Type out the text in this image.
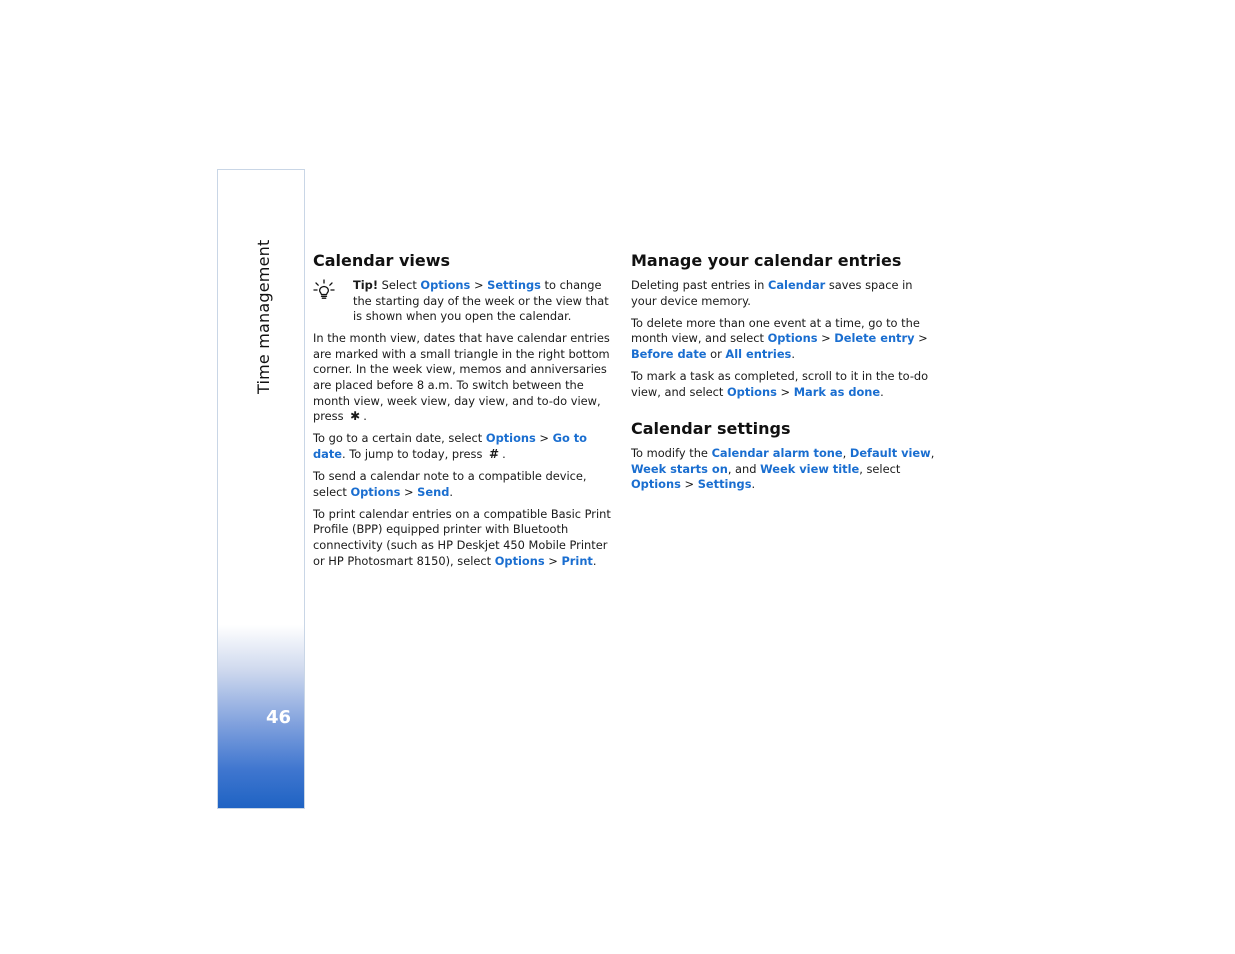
Time management
46
Calendar views
Tip! Select Options > Settings to change the starting day of the week or the view that is shown when you open the calendar.

In the month view, dates that have calendar entries are marked with a small triangle in the right bottom corner. In the week view, memos and anniversaries are placed before 8 a.m. To switch between the month view, week view, day view, and to-do view, press ✱ .

To go to a certain date, select Options > Go to date. To jump to today, press # .

To send a calendar note to a compatible device, select Options > Send.

To print calendar entries on a compatible Basic Print Profile (BPP) equipped printer with Bluetooth connectivity (such as HP Deskjet 450 Mobile Printer or HP Photosmart 8150), select Options > Print.

Manage your calendar entries

Deleting past entries in Calendar saves space in your device memory.

To delete more than one event at a time, go to the month view, and select Options > Delete entry > Before date or All entries.

To mark a task as completed, scroll to it in the to-do view, and select Options > Mark as done.

Calendar settings

To modify the Calendar alarm tone, Default view, Week starts on, and Week view title, select Options > Settings.
